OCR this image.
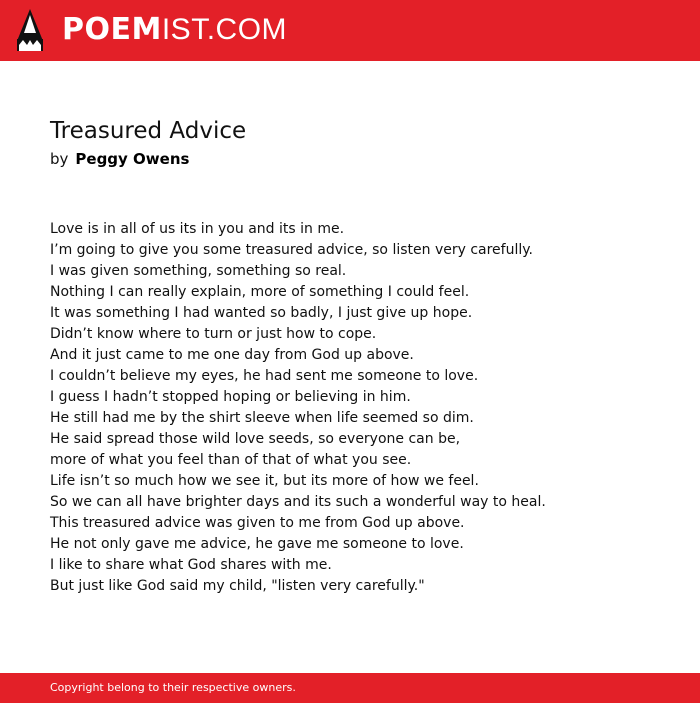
POEMIST.COM
Treasured Advice
by Peggy Owens
Love is in all of us its in you and its in me.
I’m going to give you some treasured advice, so listen very carefully.
I was given something, something so real.
Nothing I can really explain, more of something I could feel.
It was something I had wanted so badly, I just give up hope.
Didn’t know where to turn or just how to cope.
And it just came to me one day from God up above.
I couldn’t believe my eyes, he had sent me someone to love.
I guess I hadn’t stopped hoping or believing in him.
He still had me by the shirt sleeve when life seemed so dim.
He said spread those wild love seeds, so everyone can be,
more of what you feel than of that of what you see.
Life isn’t so much how we see it, but its more of how we feel.
So we can all have brighter days and its such a wonderful way to heal.
This treasured advice was given to me from God up above.
He not only gave me advice, he gave me someone to love.
I like to share what God shares with me.
But just like God said my child, "listen very carefully."
Copyright belong to their respective owners.
